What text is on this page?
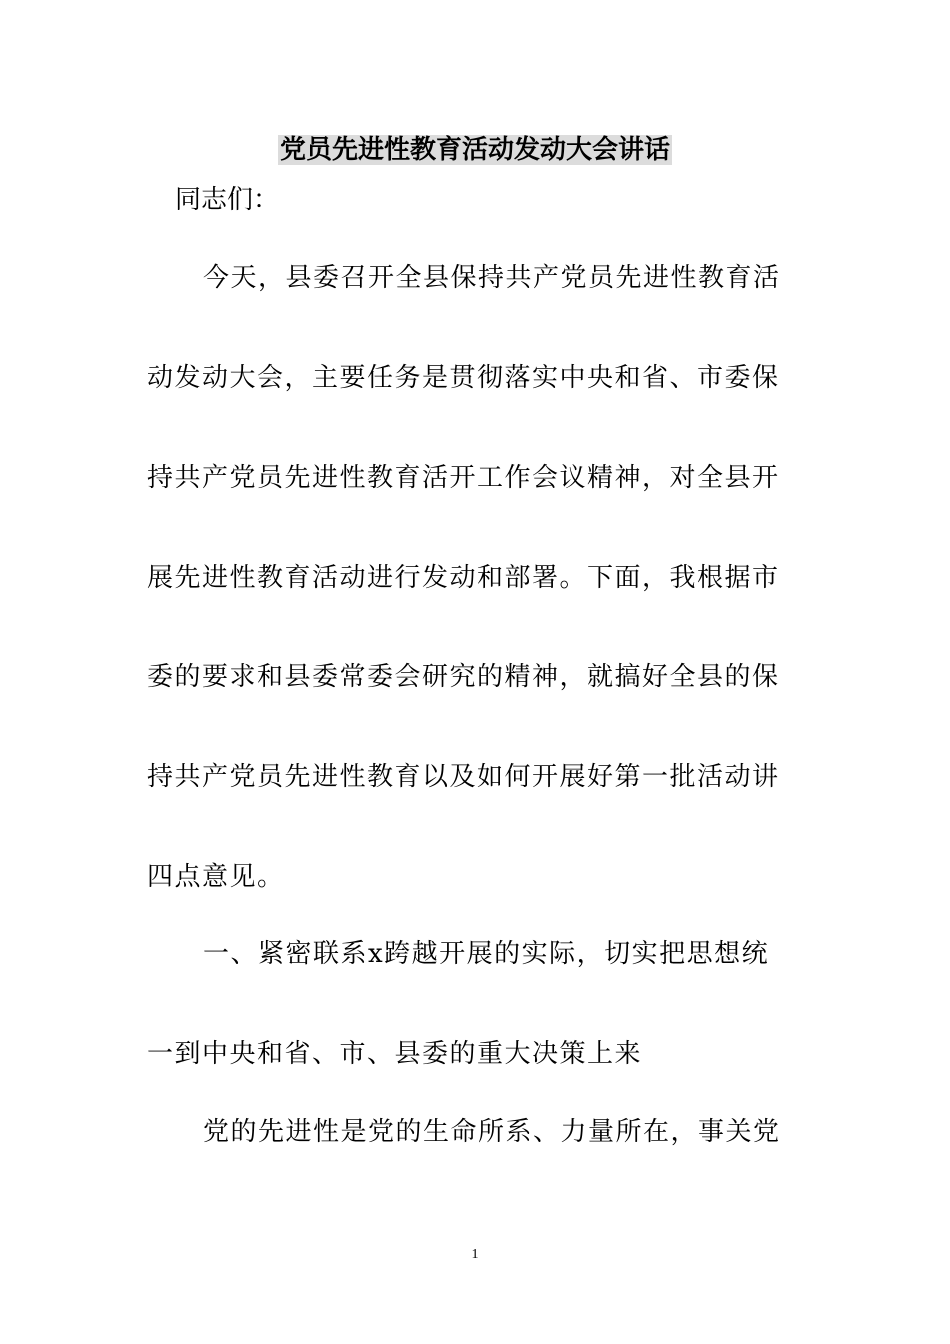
党员先进性教育活动发动大会讲话
同志们：
今天，县委召开全县保持共产党员先进性教育活
动发动大会，主要任务是贯彻落实中央和省、市委保
持共产党员先进性教育活开工作会议精神，对全县开
展先进性教育活动进行发动和部署。下面，我根据市
委的要求和县委常委会研究的精神，就搞好全县的保
持共产党员先进性教育以及如何开展好第一批活动讲
四点意见。
一、紧密联系x跨越开展的实际，切实把思想统
一到中央和省、市、县委的重大决策上来
党的先进性是党的生命所系、力量所在，事关党
1
